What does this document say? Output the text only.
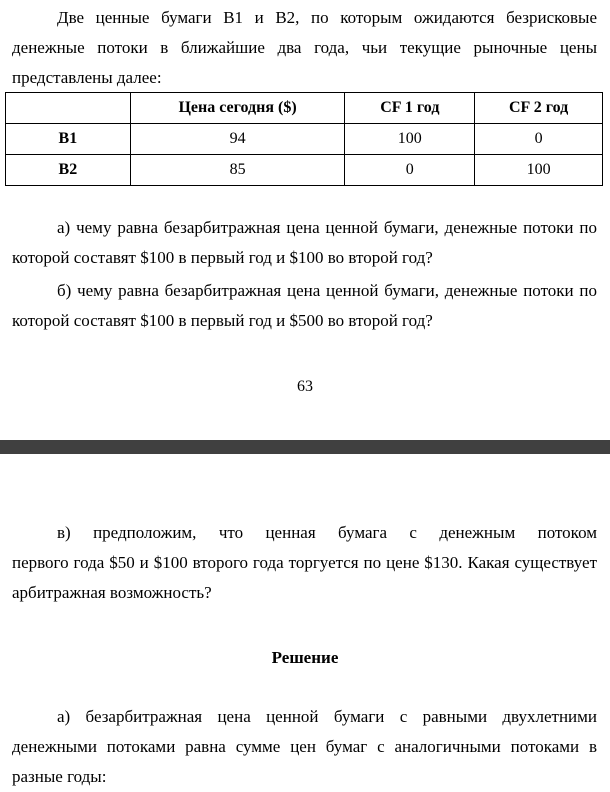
Две ценные бумаги В1 и В2, по которым ожидаются безрисковые денежные потоки в ближайшие два года, чьи текущие рыночные цены представлены далее:
	Цена сегодня ($)	CF 1 год	CF 2 год
В1	94	100	0
В2	85	0	100
а) чему равна безарбитражная цена ценной бумаги, денежные потоки по которой составят $100 в первый год и $100 во второй год?
б) чему равна безарбитражная цена ценной бумаги, денежные потоки по которой составят $100 в первый год и $500 во второй год?
63
в) предположим, что ценная бумага с денежным потоком первого года $50 и $100 второго года торгуется по цене $130. Какая существует арбитражная возможность?
Решение
а) безарбитражная цена ценной бумаги с равными двухлетними денежными потоками равна сумме цен бумаг с аналогичными потоками в разные годы:
